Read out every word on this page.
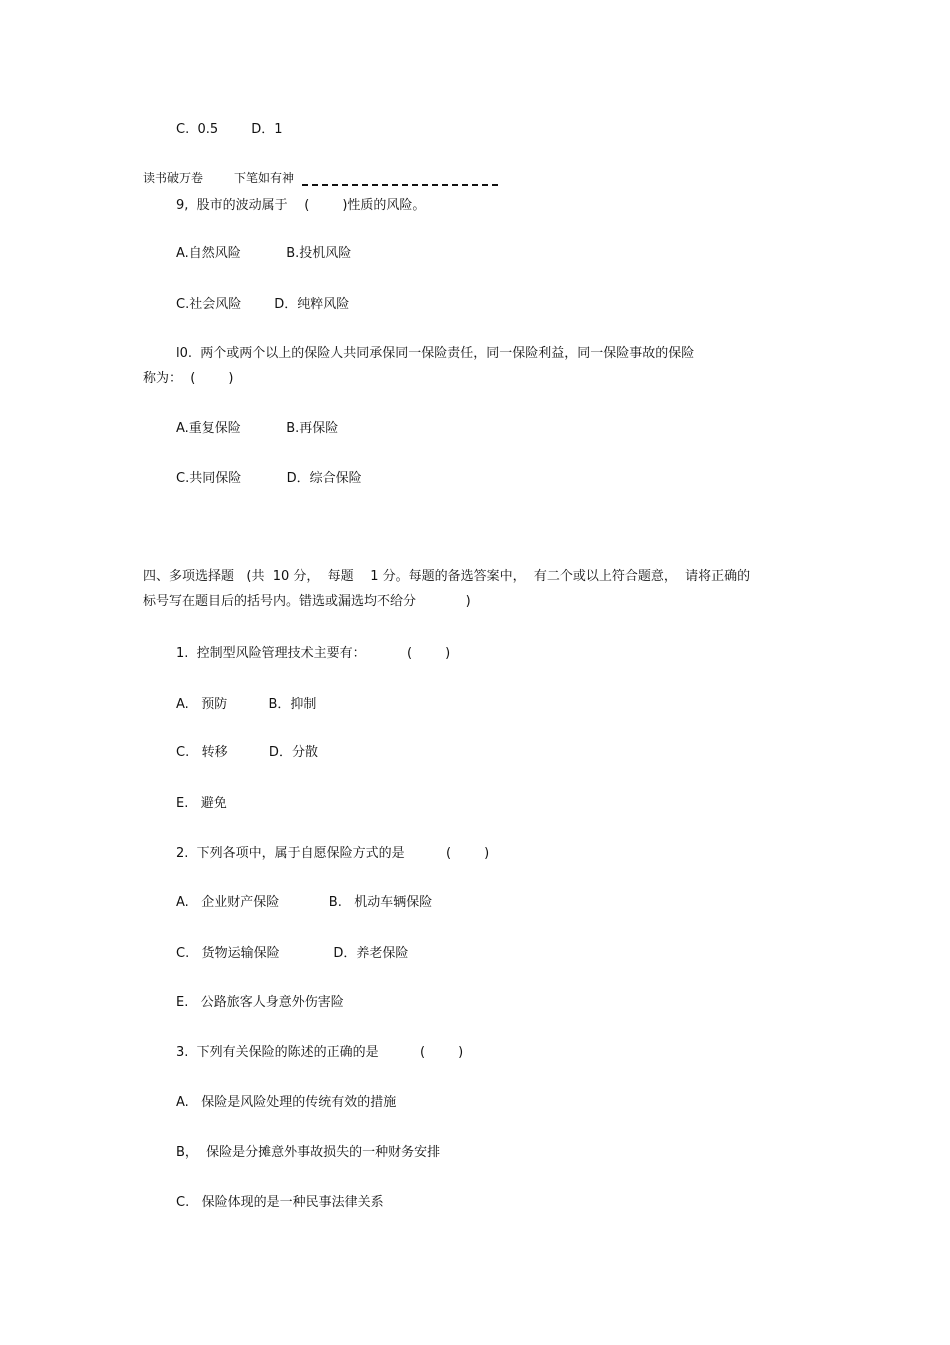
C.  0.5        D．1
读书破万卷	下笔如有神
9,  股市的波动属于    (        )性质的风险。
A.自然风险           B.投机风险
C.社会风险        D．纯粹风险
l0.  两个或两个以上的保险人共同承保同一保险责任，同一保险利益，同一保险事故的保险
称为：  (        )
A.重复保险           B.再保险
C.共同保险           D．综合保险
四、多项选择题   (共  10 分，  每题    1 分。每题的备选答案中，  有二个或以上符合题意，  请将正确的
标号写在题目后的括号内。错选或漏选均不给分            )
1.  控制型风险管理技术主要有：          (        )
A.   预防          B．抑制
C.   转移          D．分散
E.   避免
2.  下列各项中，属于自愿保险方式的是          (        )
A.   企业财产保险            B.   机动车辆保险
C.   货物运输保险             D．养老保险
E.   公路旅客人身意外伤害险
3.  下列有关保险的陈述的正确的是          (        )
A.   保险是风险处理的传统有效的措施
B，  保险是分摊意外事故损失的一种财务安排
C.   保险体现的是一种民事法律关系
